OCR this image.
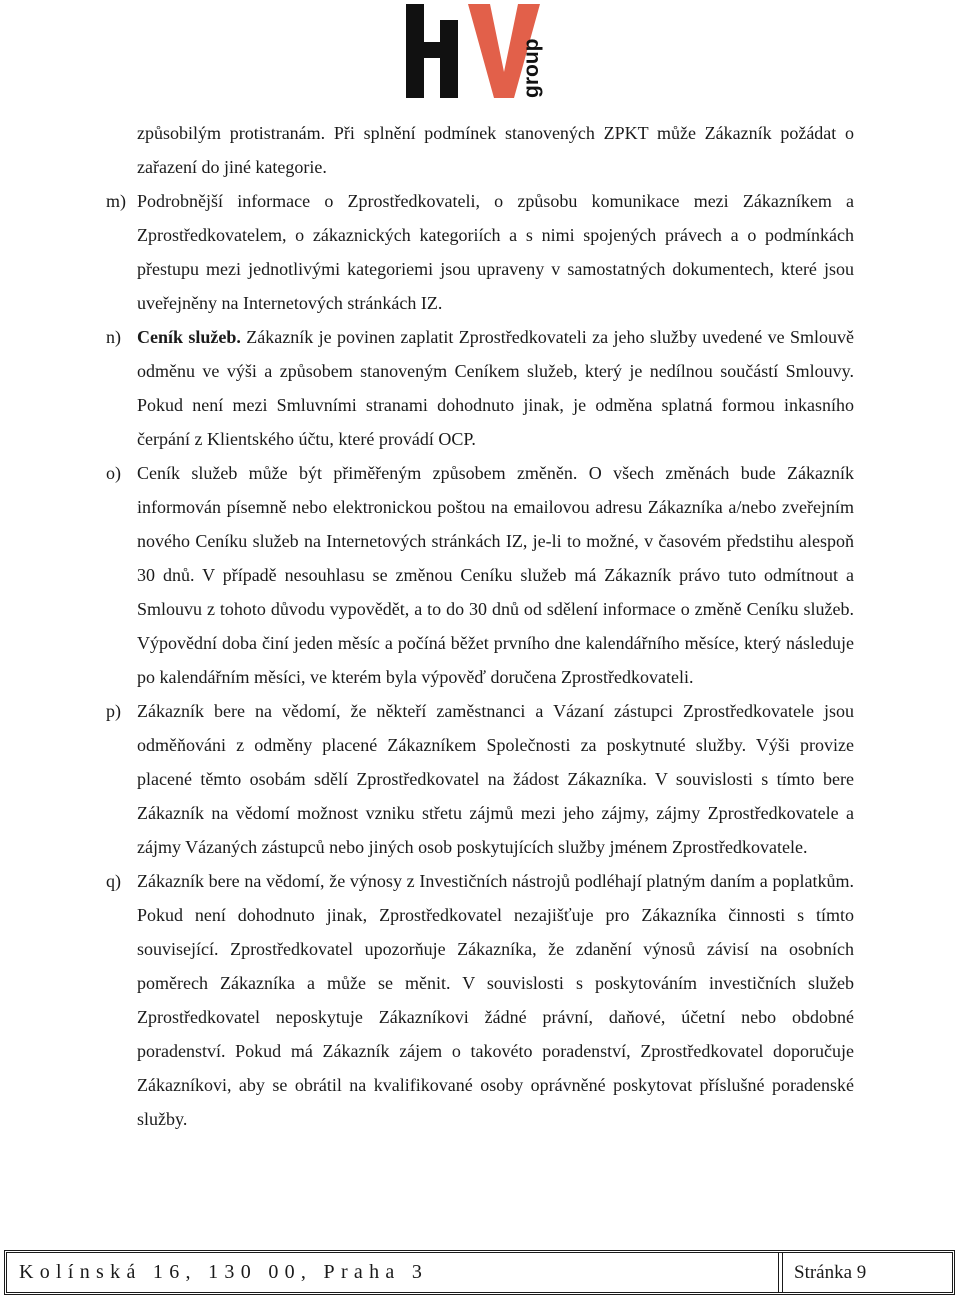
group

způsobilým protistranám. Při splnění podmínek stanovených ZPKT může Zákazník požádat o zařazení do jiné kategorie.

m) Podrobnější informace o Zprostředkovateli, o způsobu komunikace mezi Zákazníkem a Zprostředkovatelem, o zákaznických kategoriích a s nimi spojených právech a o podmínkách přestupu mezi jednotlivými kategoriemi jsou upraveny v samostatných dokumentech, které jsou uveřejněny na Internetových stránkách IZ.

n) Ceník služeb. Zákazník je povinen zaplatit Zprostředkovateli za jeho služby uvedené ve Smlouvě odměnu ve výši a způsobem stanoveným Ceníkem služeb, který je nedílnou součástí Smlouvy. Pokud není mezi Smluvními stranami dohodnuto jinak, je odměna splatná formou inkasního čerpání z Klientského účtu, které provádí OCP.

o) Ceník služeb může být přiměřeným způsobem změněn. O všech změnách bude Zákazník informován písemně nebo elektronickou poštou na emailovou adresu Zákazníka a/nebo zveřejním nového Ceníku služeb na Internetových stránkách IZ, je-li to možné, v časovém předstihu alespoň 30 dnů. V případě nesouhlasu se změnou Ceníku služeb má Zákazník právo tuto odmítnout a Smlouvu z tohoto důvodu vypovědět, a to do 30 dnů od sdělení informace o změně Ceníku služeb. Výpovědní doba činí jeden měsíc a počíná běžet prvního dne kalendářního měsíce, který následuje po kalendářním měsíci, ve kterém byla výpověď doručena Zprostředkovateli.

p) Zákazník bere na vědomí, že někteří zaměstnanci a Vázaní zástupci Zprostředkovatele jsou odměňováni z odměny placené Zákazníkem Společnosti za poskytnuté služby. Výši provize placené těmto osobám sdělí Zprostředkovatel na žádost Zákazníka. V souvislosti s tímto bere Zákazník na vědomí možnost vzniku střetu zájmů mezi jeho zájmy, zájmy Zprostředkovatele a zájmy Vázaných zástupců nebo jiných osob poskytujících služby jménem Zprostředkovatele.

q) Zákazník bere na vědomí, že výnosy z Investičních nástrojů podléhají platným daním a poplatkům. Pokud není dohodnuto jinak, Zprostředkovatel nezajišťuje pro Zákazníka činnosti s tímto související. Zprostředkovatel upozorňuje Zákazníka, že zdanění výnosů závisí na osobních poměrech Zákazníka a může se měnit. V souvislosti s poskytováním investičních služeb Zprostředkovatel neposkytuje Zákazníkovi žádné právní, daňové, účetní nebo obdobné poradenství. Pokud má Zákazník zájem o takovéto poradenství, Zprostředkovatel doporučuje Zákazníkovi, aby se obrátil na kvalifikované osoby oprávněné poskytovat příslušné poradenské služby.

Kolínská 16, 130 00, Praha 3	Stránka 9
